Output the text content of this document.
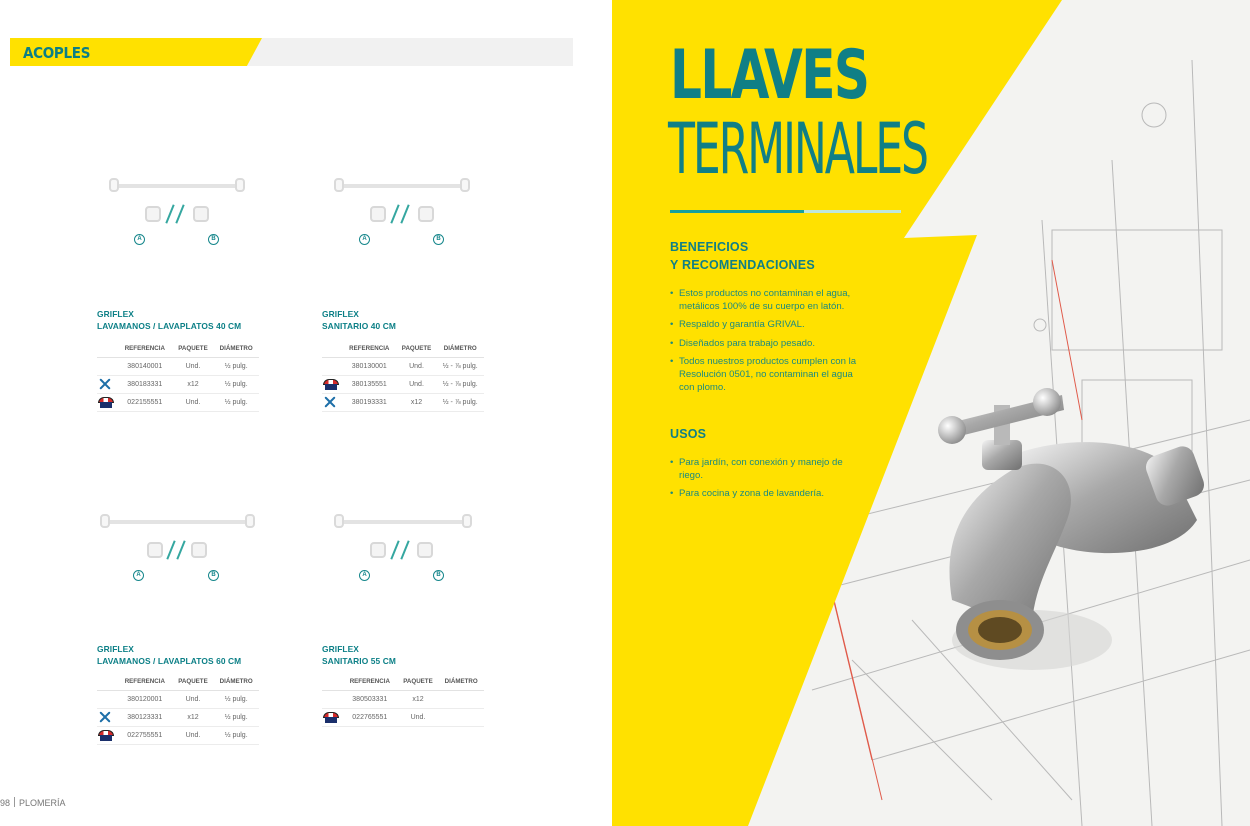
ACOPLES
A	B
GRIFLEX
LAVAMANOS / LAVAPLATOS 40 CM
	REFERENCIA	PAQUETE	DIÁMETRO
	380140001	Und.	½ pulg.
	380183331	x12	½ pulg.

	022155551	Und.	½ pulg.
A	B
GRIFLEX
SANITARIO 40 CM
	REFERENCIA	PAQUETE	DIÁMETRO
	380130001	Und.	½ - ⅞ pulg.

	380135551	Und.	½ - ⅞ pulg.
	380193331	x12	½ - ⅞ pulg.
A	B
GRIFLEX
LAVAMANOS / LAVAPLATOS 60 CM
	REFERENCIA	PAQUETE	DIÁMETRO
	380120001	Und.	½ pulg.
	380123331	x12	½ pulg.

	022755551	Und.	½ pulg.
A	B
GRIFLEX
SANITARIO 55 CM
	REFERENCIA	PAQUETE	DIÁMETRO
	380503331	x12	

	022765551	Und.	
98 PLOMERÍA
LLAVES
TERMINALES
BENEFICIOS
Y RECOMENDACIONES
• Estos productos no contaminan el agua, metálicos 100% de su cuerpo en latón.
• Respaldo y garantía GRIVAL.
• Diseñados para trabajo pesado.
• Todos nuestros productos cumplen con la Resolución 0501, no contaminan el agua con plomo.
USOS
• Para jardín, con conexión y manejo de riego.
• Para cocina y zona de lavandería.
